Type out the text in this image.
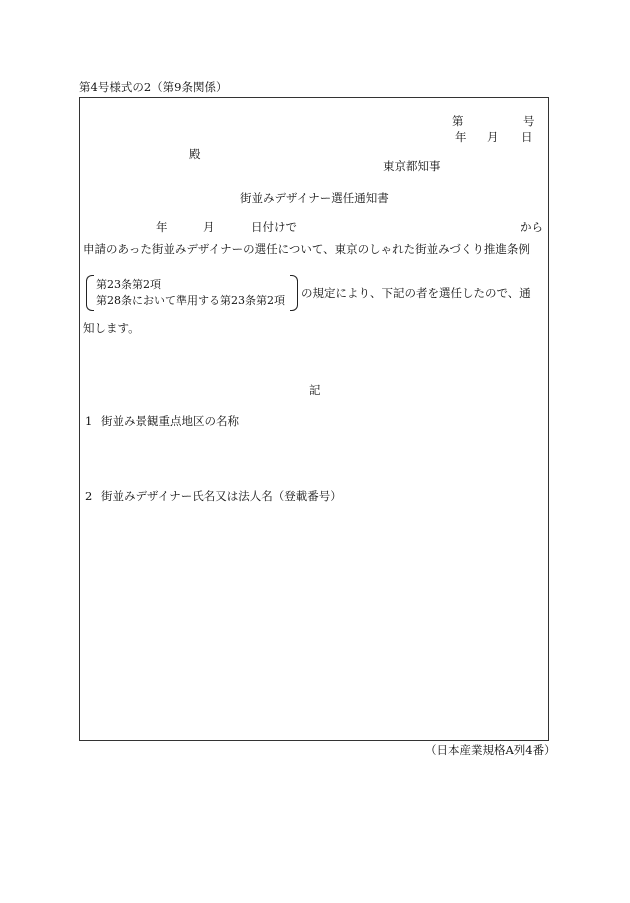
第4号様式の2（第9条関係）
第	号
年 月 日
殿
東京都知事
街並みデザイナー選任通知書
年	月	日付けで	から
申請のあった街並みデザイナーの選任について、東京のしゃれた街並みづくり推進条例
第23条第2項
第28条において準用する第23条第2項
の規定により、下記の者を選任したので、通
知します。
記
1 街並み景観重点地区の名称
2 街並みデザイナー氏名又は法人名（登載番号）
（日本産業規格A列4番）
